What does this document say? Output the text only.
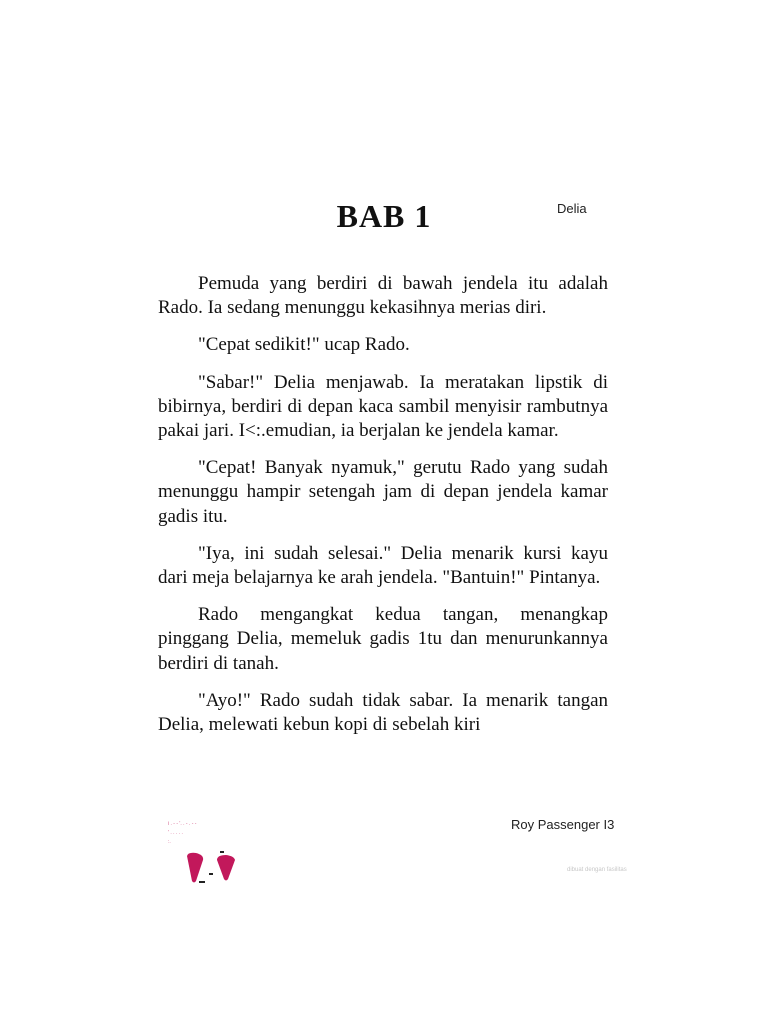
BAB 1	Delia

Pemuda yang berdiri di bawah jendela itu adalah Rado. Ia sedang menunggu kekasihnya merias diri.

"Cepat sedikit!" ucap Rado.

"Sabar!" Delia menjawab. Ia meratakan lipstik di bibirnya, berdiri di depan kaca sambil menyisir rambutnya pakai jari. I<:.emudian, ia berjalan ke jendela kamar.

"Cepat! Banyak nyamuk," gerutu Rado yang sudah menunggu hampir setengah jam di depan jendela kamar gadis itu.

"Iya, ini sudah selesai." Delia menarik kursi kayu dari meja belajarnya ke arah jendela. "Bantuin!" Pintanya.

Rado mengangkat kedua tangan, menangkap pinggang Delia, memeluk gadis 1tu dan menurunkannya berdiri di tanah.

"Ayo!" Rado sudah tidak sabar. Ia menarik tangan Delia, melewati kebun kopi di sebelah kiri

Roy Passenger I3
i . - - '. . - . - -
' . . . . .
:.
dibuat dengan fasilitas
